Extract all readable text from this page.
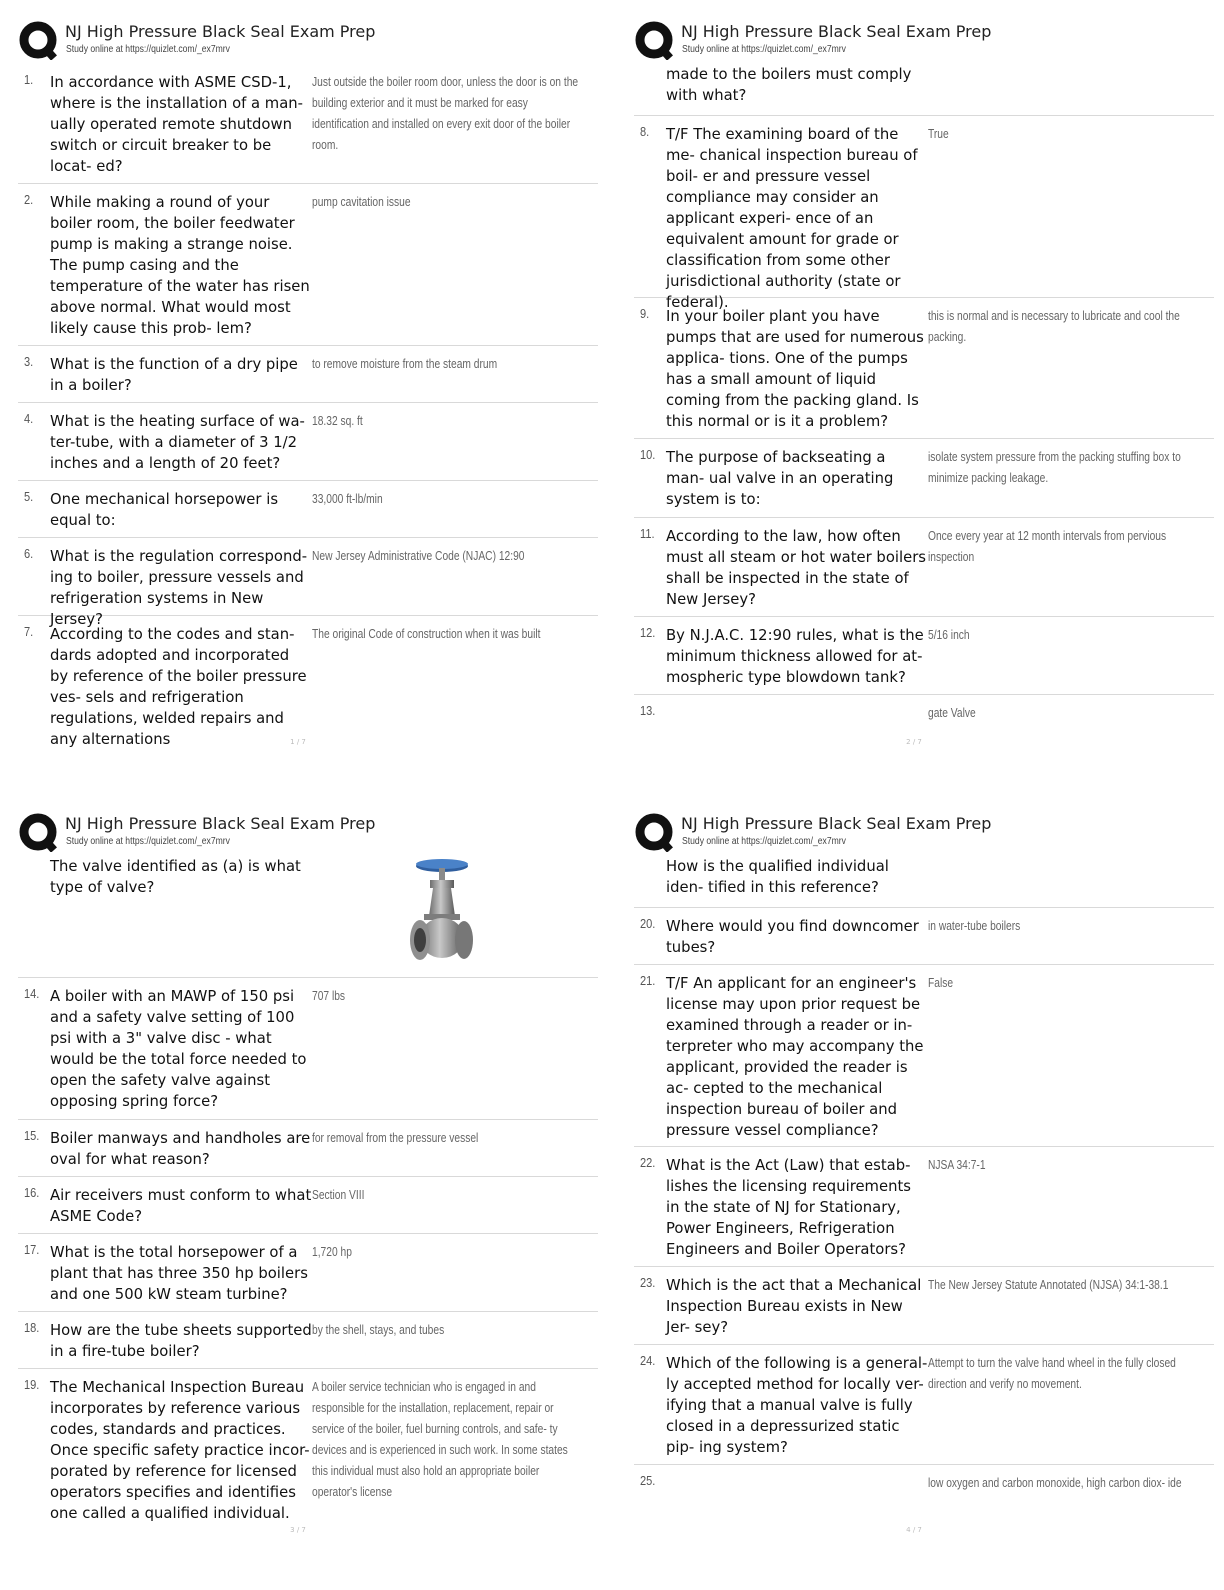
NJ High Pressure Black Seal Exam Prep
Study online at https://quizlet.com/_ex7mrv
1. In accordance with ASME CSD-1, where is the installation of a man- ually operated remote shutdown switch or circuit breaker to be locat- ed?
Just outside the boiler room door, unless the door is on the building exterior and it must be marked for easy identification and installed on every exit door of the boiler room.
2. While making a round of your boiler room, the boiler feedwater pump is making a strange noise. The pump casing and the temperature of the water has risen above normal. What would most likely cause this prob- lem?
pump cavitation issue
3. What is the function of a dry pipe in a boiler?
to remove moisture from the steam drum
4. What is the heating surface of wa- ter-tube, with a diameter of 3 1/2 inches and a length of 20 feet?
18.32 sq. ft
5. One mechanical horsepower is equal to:
33,000 ft-lb/min
6. What is the regulation correspond- ing to boiler, pressure vessels and refrigeration systems in New Jersey?
New Jersey Administrative Code (NJAC) 12:90
7. According to the codes and stan- dards adopted and incorporated by reference of the boiler pressure ves- sels and refrigeration regulations, welded repairs and any alternations
The original Code of construction when it was built
1 / 7
NJ High Pressure Black Seal Exam Prep
Study online at https://quizlet.com/_ex7mrv
made to the boilers must comply with what?
8. T/F The examining board of the me- chanical inspection bureau of boil- er and pressure vessel compliance may consider an applicant experi- ence of an equivalent amount for grade or classification from some other jurisdictional authority (state or federal).
True
9. In your boiler plant you have pumps that are used for numerous applica- tions. One of the pumps has a small amount of liquid coming from the packing gland. Is this normal or is it a problem?
this is normal and is necessary to lubricate and cool the packing.
10. The purpose of backseating a man- ual valve in an operating system is to:
isolate system pressure from the packing stuffing box to minimize packing leakage.
11. According to the law, how often must all steam or hot water boilers shall be inspected in the state of New Jersey?
Once every year at 12 month intervals from pervious inspection
12. By N.J.A.C. 12:90 rules, what is the minimum thickness allowed for at- mospheric type blowdown tank?
5/16 inch
13.	gate Valve
2 / 7
NJ High Pressure Black Seal Exam Prep
Study online at https://quizlet.com/_ex7mrv
The valve identified as (a) is what type of valve?
14. A boiler with an MAWP of 150 psi and a safety valve setting of 100 psi with a 3" valve disc - what would be the total force needed to open the safety valve against opposing spring force?
707 lbs
15. Boiler manways and handholes are oval for what reason?
for removal from the pressure vessel
16. Air receivers must conform to what ASME Code?
Section VIII
17. What is the total horsepower of a plant that has three 350 hp boilers and one 500 kW steam turbine?
1,720 hp
18. How are the tube sheets supported in a fire-tube boiler?
by the shell, stays, and tubes
19. The Mechanical Inspection Bureau incorporates by reference various codes, standards and practices. Once specific safety practice incor- porated by reference for licensed operators specifies and identifies one called a qualified individual.
A boiler service technician who is engaged in and responsible for the installation, replacement, repair or service of the boiler, fuel burning controls, and safe- ty devices and is experienced in such work. In some states this individual must also hold an appropriate boiler operator's license
3 / 7
NJ High Pressure Black Seal Exam Prep
Study online at https://quizlet.com/_ex7mrv
How is the qualified individual iden- tified in this reference?
20. Where would you find downcomer tubes?
in water-tube boilers
21. T/F An applicant for an engineer's license may upon prior request be examined through a reader or in- terpreter who may accompany the applicant, provided the reader is ac- cepted to the mechanical inspection bureau of boiler and pressure vessel compliance?
False
22. What is the Act (Law) that estab- lishes the licensing requirements in the state of NJ for Stationary, Power Engineers, Refrigeration Engineers and Boiler Operators?
NJSA 34:7-1
23. Which is the act that a Mechanical Inspection Bureau exists in New Jer- sey?
The New Jersey Statute Annotated (NJSA) 34:1-38.1
24. Which of the following is a general- ly accepted method for locally ver- ifying that a manual valve is fully closed in a depressurized static pip- ing system?
Attempt to turn the valve hand wheel in the fully closed direction and verify no movement.
25.	low oxygen and carbon monoxide, high carbon diox- ide
4 / 7
